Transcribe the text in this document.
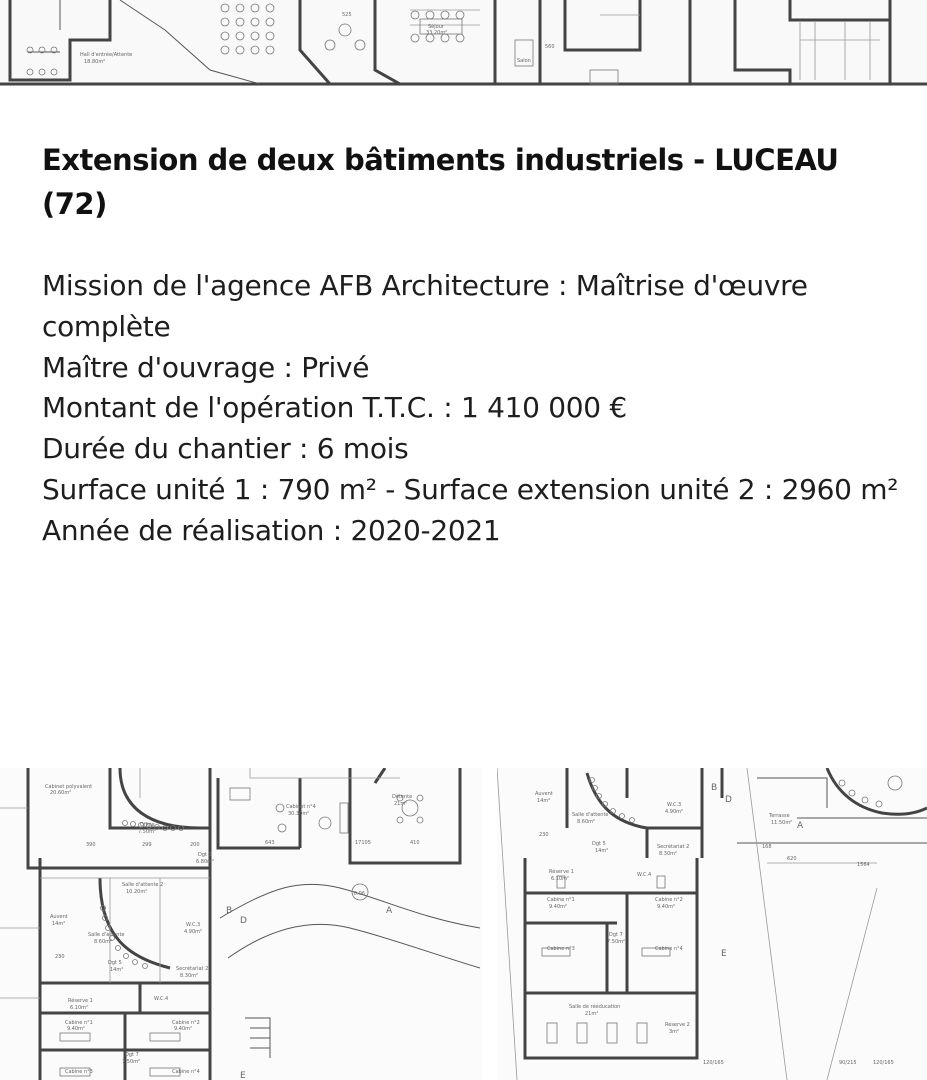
Séjour
33.20m²
Salon
Hall d'entrée/Attente
18.80m²
525
560
Extension de deux bâtiments industriels - LUCEAU (72)

Mission de l'agence AFB Architecture : Maîtrise d'œuvre complète

Maître d'ouvrage : Privé

Montant de l'opération T.T.C. : 1 410 000 €

Durée du chantier : 6 mois

Surface unité 1 : 790 m² - Surface extension unité 2 : 2960 m²

Année de réalisation : 2020-2021

Cabinet polyvalent
20.60m²
Office
7.50m²
Salle d'attente 2
10.20m²
Cabinet n°4
30.30m²
Détente
21m²
Dgt 3
6.80m²
Auvent
14m²
Salle d'attente
8.60m²
W.C.3
4.90m²
Dgt 5
14m²	Secrétariat 2
8.30m²
Réserve 1
6.10m²
W.C.4
Cabine n°1
9.40m²
Cabine n°2
9.40m²
Dgt 7
7.50m²
Cabine n°3	Cabine n°4
-0.06
A
B
D
E
390	299	200	643	410
17105
230
Auvent
14m²
Salle d'attente
8.60m²
W.C.3
4.90m²
Terrasse
11.50m²
Dgt 5
14m²
Secrétariat 2
8.30m²
Réserve 1
6.10m²
W.C.4
Cabine n°1
9.40m²
Cabine n°2
9.40m²
Dgt 7
7.50m²
Cabine n°3	Cabine n°4
Salle de rééducation
21m²
Réserve 2
3m²
A
B
D
E
230
620
1564
168
120/165	90/215	120/165
